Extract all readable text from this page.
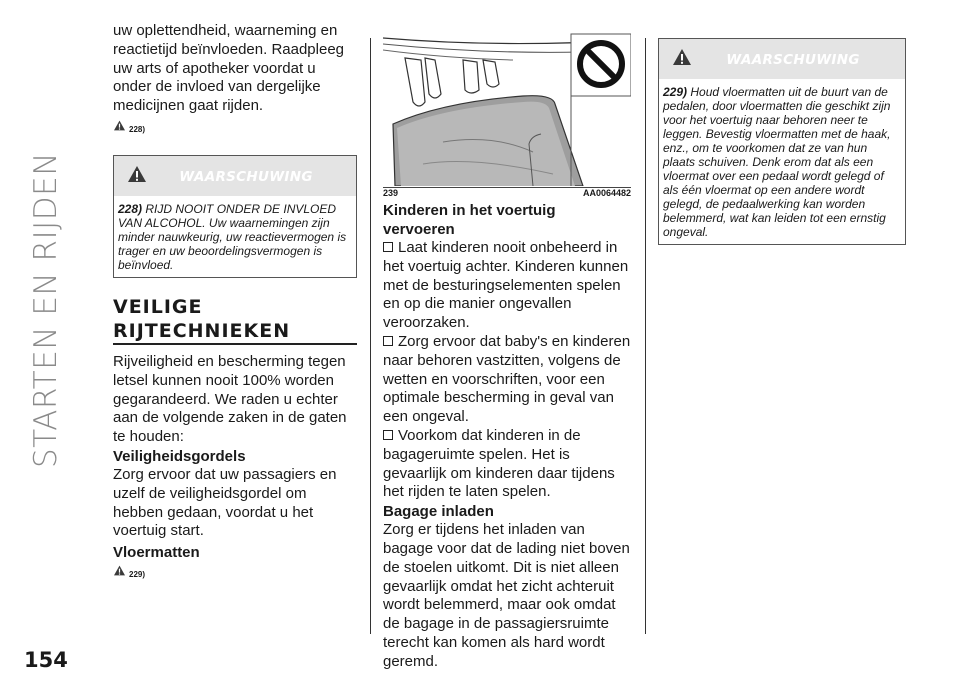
STARTEN EN RIJDEN
154

uw oplettendheid, waarneming en reactietijd beïnvloeden. Raadpleeg uw arts of apotheker voordat u onder de invloed van dergelijke medicijnen gaat rijden.

228)
WAARSCHUWING
228) RIJD NOOIT ONDER DE INVLOED VAN ALCOHOL. Uw waarnemingen zijn minder nauwkeurig, uw reactievermogen is trager en uw beoordelingsvermogen is beïnvloed.
VEILIGE
RIJTECHNIEKEN

Rijveiligheid en bescherming tegen letsel kunnen nooit 100% worden gegarandeerd. We raden u echter aan de volgende zaken in de gaten te houden:

Veiligheidsgordels

Zorg ervoor dat uw passagiers en uzelf de veiligheidsgordel om hebben gedaan, voordat u het voertuig start.

Vloermatten
229)
239	AA0064482
Kinderen in het voertuig vervoeren

Laat kinderen nooit onbeheerd in het voertuig achter. Kinderen kunnen met de besturingselementen spelen en op die manier ongevallen veroorzaken.

Zorg ervoor dat baby's en kinderen naar behoren vastzitten, volgens de wetten en voorschriften, voor een optimale bescherming in geval van een ongeval.

Voorkom dat kinderen in de bagageruimte spelen. Het is gevaarlijk om kinderen daar tijdens het rijden te laten spelen.

Bagage inladen

Zorg er tijdens het inladen van bagage voor dat de lading niet boven de stoelen uitkomt. Dit is niet alleen gevaarlijk omdat het zicht achteruit wordt belemmerd, maar ook omdat de bagage in de passagiersruimte terecht kan komen als hard wordt geremd.

WAARSCHUWING
229) Houd vloermatten uit de buurt van de pedalen, door vloermatten die geschikt zijn voor het voertuig naar behoren neer te leggen. Bevestig vloermatten met de haak, enz., om te voorkomen dat ze van hun plaats schuiven. Denk erom dat als een vloermat over een pedaal wordt gelegd of als één vloermat op een andere wordt gelegd, de pedaalwerking kan worden belemmerd, wat kan leiden tot een ernstig ongeval.
